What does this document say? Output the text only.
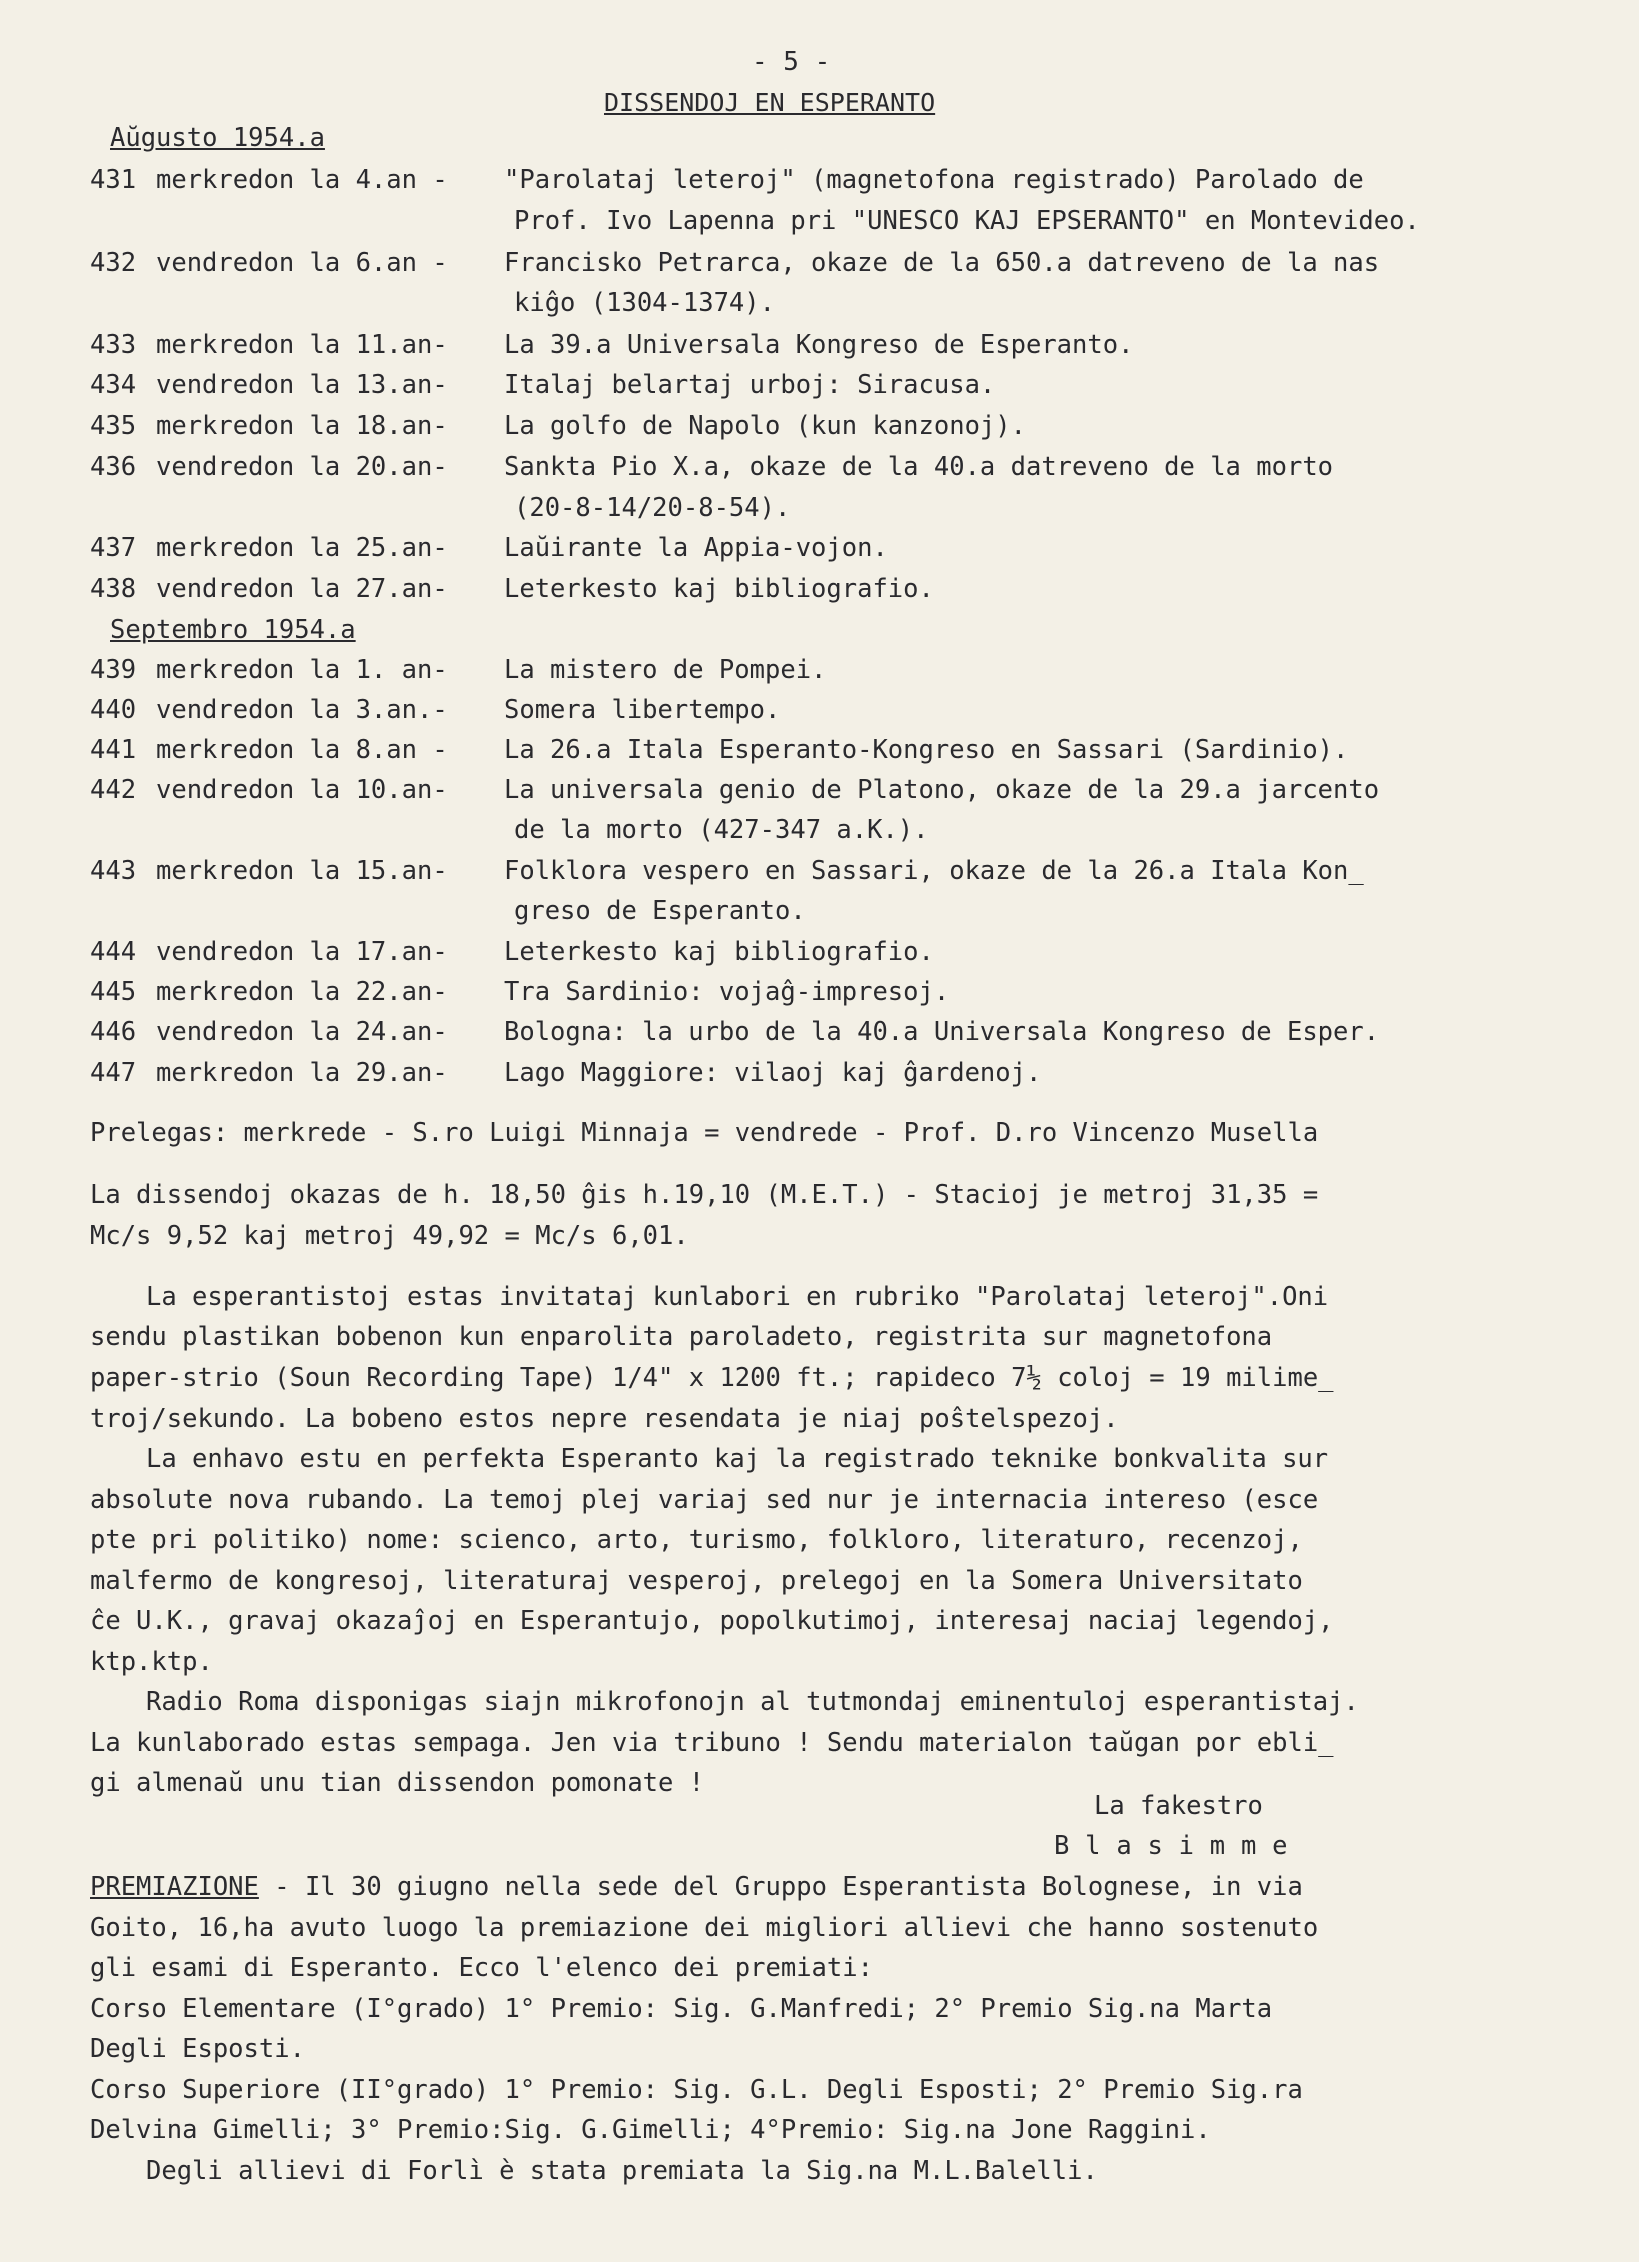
- 5 -
DISSENDOJ EN ESPERANTO
Aŭgusto 1954.a
431 merkredon la 4.an - "Parolataj leteroj" (magnetofona registrado) Parolado de
Prof. Ivo Lapenna pri "UNESCO KAJ EPSERANTO" en Montevideo.
432 vendredon la 6.an - Francisko Petrarca, okaze de la 650.a datreveno de la nas
kiĝo (1304-1374).
433 merkredon la 11.an- La 39.a Universala Kongreso de Esperanto.
434 vendredon la 13.an- Italaj belartaj urboj: Siracusa.
435 merkredon la 18.an- La golfo de Napolo (kun kanzonoj).
436 vendredon la 20.an- Sankta Pio X.a, okaze de la 40.a datreveno de la morto
(20-8-14/20-8-54).
437 merkredon la 25.an- Laŭirante la Appia-vojon.
438 vendredon la 27.an- Leterkesto kaj bibliografio.
Septembro 1954.a
439 merkredon la 1. an- La mistero de Pompei.
440 vendredon la 3.an.- Somera libertempo.
441 merkredon la 8.an - La 26.a Itala Esperanto-Kongreso en Sassari (Sardinio).
442 vendredon la 10.an- La universala genio de Platono, okaze de la 29.a jarcento
de la morto (427-347 a.K.).
443 merkredon la 15.an- Folklora vespero en Sassari, okaze de la 26.a Itala Kon_
greso de Esperanto.
444 vendredon la 17.an- Leterkesto kaj bibliografio.
445 merkredon la 22.an- Tra Sardinio: vojaĝ-impresoj.
446 vendredon la 24.an- Bologna: la urbo de la 40.a Universala Kongreso de Esper.
447 merkredon la 29.an- Lago Maggiore: vilaoj kaj ĝardenoj.
Prelegas: merkrede - S.ro Luigi Minnaja = vendrede - Prof. D.ro Vincenzo Musella
La dissendoj okazas de h. 18,50 ĝis h.19,10 (M.E.T.) - Stacioj je metroj 31,35 =
Mc/s 9,52 kaj metroj 49,92 = Mc/s 6,01.
La esperantistoj estas invitataj kunlabori en rubriko "Parolataj leteroj".Oni
sendu plastikan bobenon kun enparolita paroladeto, registrita sur magnetofona
paper-strio (Soun Recording Tape) 1/4" x 1200 ft.; rapideco 7½ coloj = 19 milime_
troj/sekundo. La bobeno estos nepre resendata je niaj poŝtelspezoj.
La enhavo estu en perfekta Esperanto kaj la registrado teknike bonkvalita sur
absolute nova rubando. La temoj plej variaj sed nur je internacia intereso (esce
pte pri politiko) nome: scienco, arto, turismo, folkloro, literaturo, recenzoj,
malfermo de kongresoj, literaturaj vesperoj, prelegoj en la Somera Universitato
ĉe U.K., gravaj okazaĵoj en Esperantujo, popolkutimoj, interesaj naciaj legendoj,
ktp.ktp.
Radio Roma disponigas siajn mikrofonojn al tutmondaj eminentuloj esperantistaj.
La kunlaborado estas sempaga. Jen via tribuno ! Sendu materialon taŭgan por ebli_
gi almenaŭ unu tian dissendon pomonate !
La fakestro
Blasimme
PREMIAZIONE - Il 30 giugno nella sede del Gruppo Esperantista Bolognese, in via
Goito, 16,ha avuto luogo la premiazione dei migliori allievi che hanno sostenuto
gli esami di Esperanto. Ecco l'elenco dei premiati:
Corso Elementare (I°grado) 1° Premio: Sig. G.Manfredi; 2° Premio Sig.na Marta
Degli Esposti.
Corso Superiore (II°grado) 1° Premio: Sig. G.L. Degli Esposti; 2° Premio Sig.ra
Delvina Gimelli; 3° Premio:Sig. G.Gimelli; 4°Premio: Sig.na Jone Raggini.
Degli allievi di Forlì è stata premiata la Sig.na M.L.Balelli.
